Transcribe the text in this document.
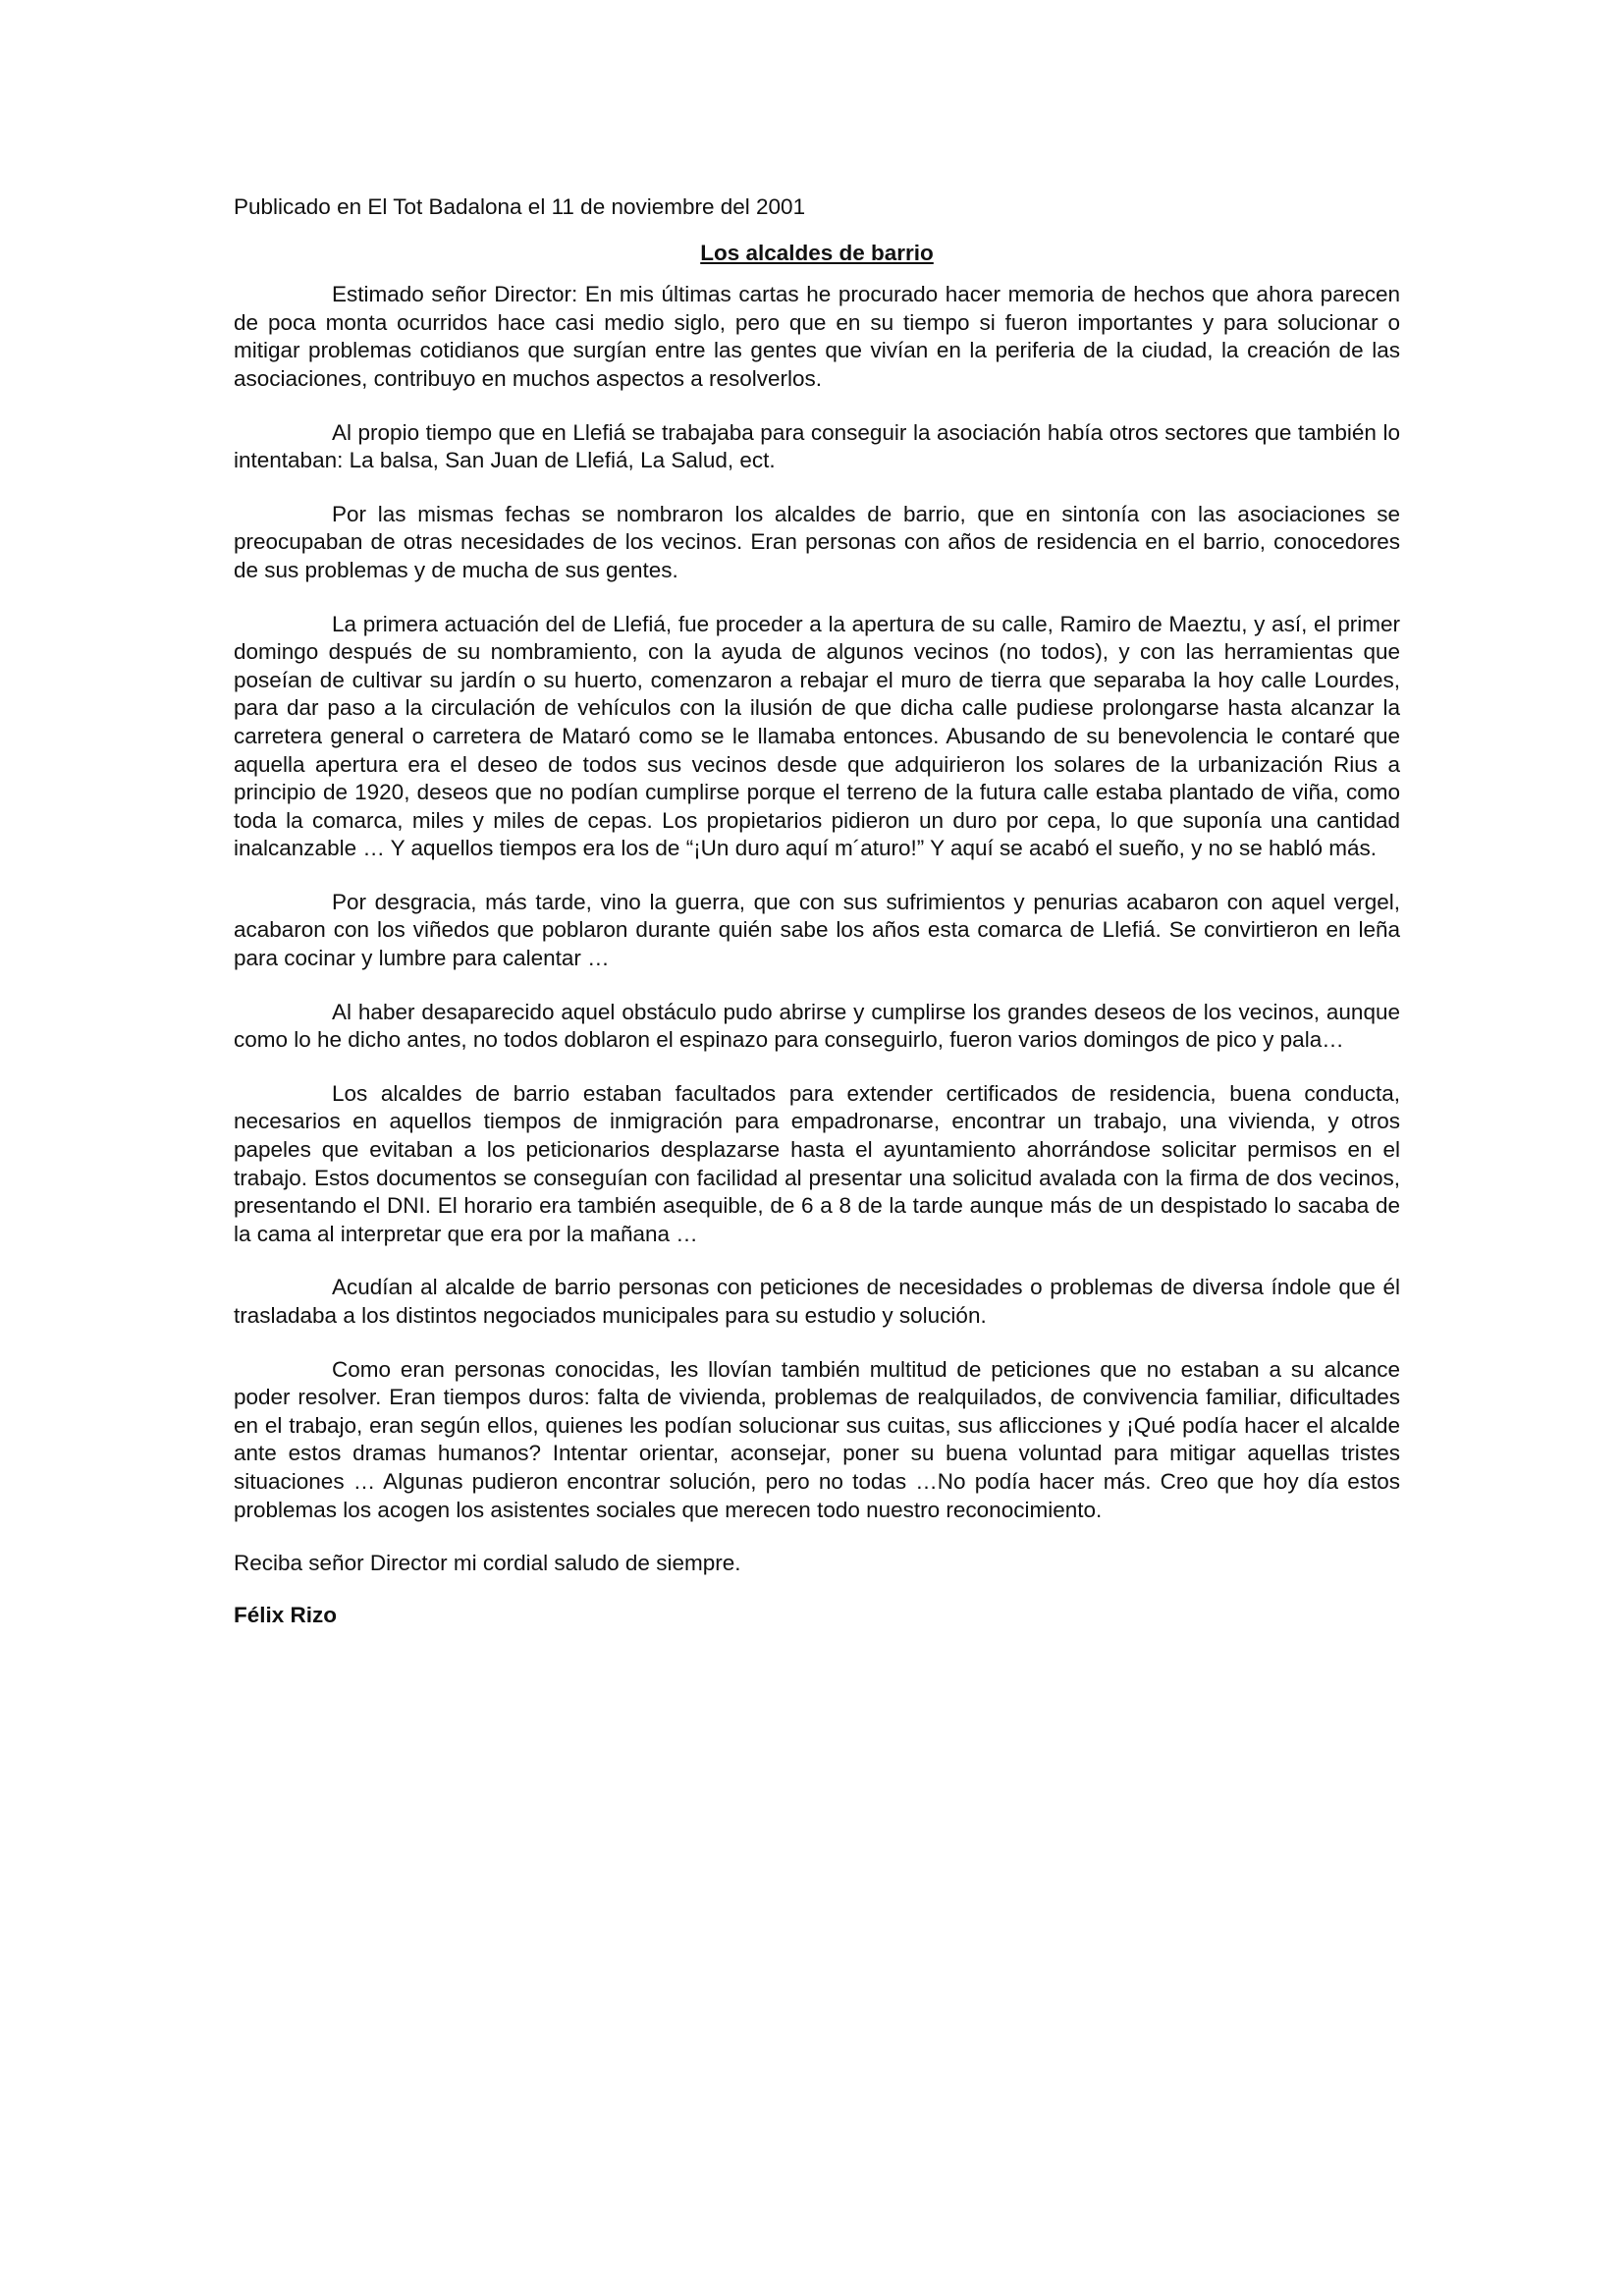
Publicado en El Tot Badalona el 11 de noviembre del 2001

Los alcaldes de barrio

Estimado señor Director: En mis últimas cartas he procurado hacer memoria de hechos que ahora parecen de poca monta ocurridos hace casi medio siglo, pero que en su tiempo si fueron importantes y para solucionar o mitigar problemas cotidianos que surgían entre las gentes que vivían en la periferia de la ciudad, la creación de las asociaciones, contribuyo en muchos aspectos a resolverlos.

Al propio tiempo que en Llefiá se trabajaba para conseguir la asociación había otros sectores que también lo intentaban: La balsa, San Juan de Llefiá, La Salud, ect.

Por las mismas fechas se nombraron los alcaldes de barrio, que en sintonía con las asociaciones se preocupaban de otras necesidades de los vecinos. Eran personas con años de residencia en el barrio, conocedores de sus problemas y de mucha de sus gentes.

La primera actuación del de Llefiá, fue proceder a la apertura de su calle, Ramiro de Maeztu, y así, el primer domingo después de su nombramiento, con la ayuda de algunos vecinos (no todos), y con las herramientas que poseían de cultivar su jardín o su huerto, comenzaron a rebajar el muro de tierra que separaba la hoy calle Lourdes, para dar paso a la circulación de vehículos con la ilusión de que dicha calle pudiese prolongarse hasta alcanzar la carretera general o carretera de Mataró como se le llamaba entonces. Abusando de su benevolencia le contaré que aquella apertura era el deseo de todos sus vecinos desde que adquirieron los solares de la urbanización Rius a principio de 1920, deseos que no podían cumplirse porque el terreno de la futura calle estaba plantado de viña, como toda la comarca, miles y miles de cepas. Los propietarios pidieron un duro por cepa, lo que suponía una cantidad inalcanzable … Y aquellos tiempos era los de “¡Un duro aquí m´aturo!” Y aquí se acabó el sueño, y no se habló más.

Por desgracia, más tarde, vino la guerra, que con sus sufrimientos y penurias acabaron con aquel vergel, acabaron con los viñedos que poblaron durante quién sabe los años esta comarca de Llefiá. Se convirtieron en leña para cocinar y lumbre para calentar …

Al haber desaparecido aquel obstáculo pudo abrirse y cumplirse los grandes deseos de los vecinos, aunque como lo he dicho antes, no todos doblaron el espinazo para conseguirlo, fueron varios domingos de pico y pala…

Los alcaldes de barrio estaban facultados para extender certificados de residencia, buena conducta, necesarios en aquellos tiempos de inmigración para empadronarse, encontrar un trabajo, una vivienda, y otros papeles que evitaban a los peticionarios desplazarse hasta el ayuntamiento ahorrándose solicitar permisos en el trabajo. Estos documentos se conseguían con facilidad al presentar una solicitud avalada con la firma de dos vecinos, presentando el DNI. El horario era también asequible, de 6 a 8 de la tarde aunque más de un despistado lo sacaba de la cama al interpretar que era por la mañana …

Acudían al alcalde de barrio personas con peticiones de necesidades o problemas de diversa índole que él trasladaba a los distintos negociados municipales para su estudio y solución.

Como eran personas conocidas, les llovían también multitud de peticiones que no estaban a su alcance poder resolver. Eran tiempos duros: falta de vivienda, problemas de realquilados, de convivencia familiar, dificultades en el trabajo, eran según ellos, quienes les podían solucionar sus cuitas, sus aflicciones y ¡Qué podía hacer el alcalde ante estos dramas humanos? Intentar orientar, aconsejar, poner su buena voluntad para mitigar aquellas tristes situaciones … Algunas pudieron encontrar solución, pero no todas …No podía hacer más. Creo que hoy día estos problemas los acogen los asistentes sociales que merecen todo nuestro reconocimiento.

Reciba señor Director mi cordial saludo de siempre.

Félix Rizo
